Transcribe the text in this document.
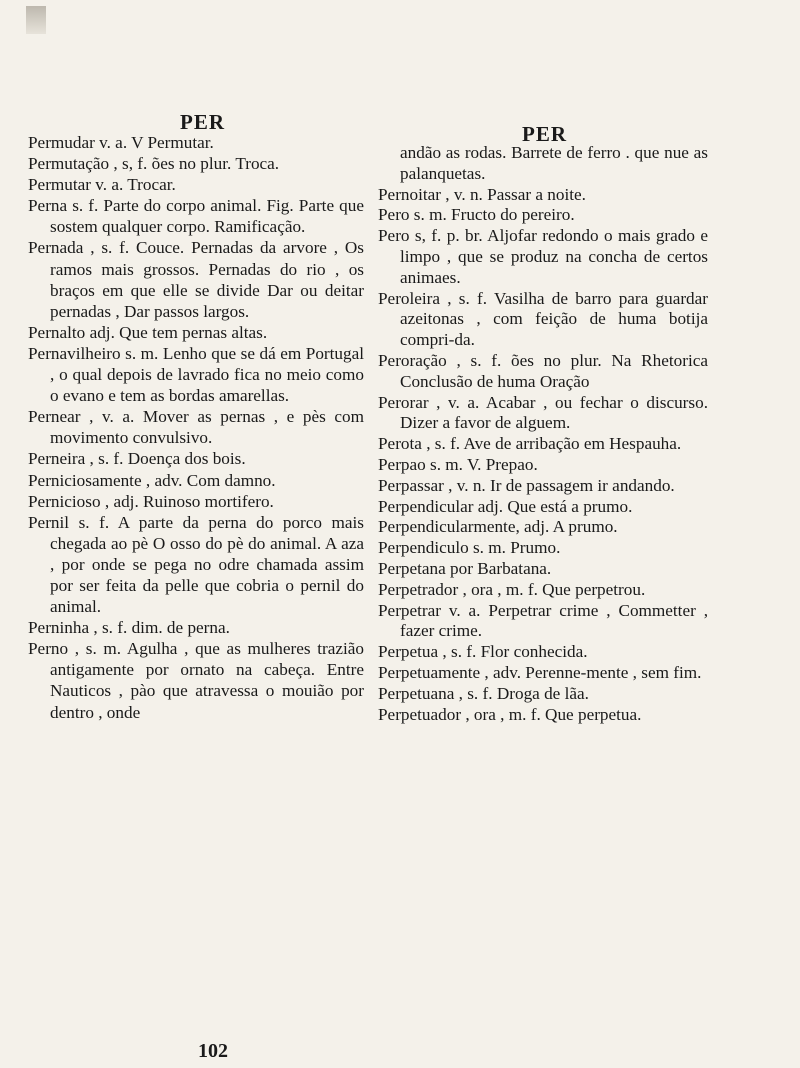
PER	PER

Permudar v. a. V Permutar.

Permutação , s, f. ões no plur. Troca.

Permutar v. a. Trocar.

Perna s. f. Parte do corpo animal. Fig. Parte que sostem qualquer corpo. Ramificação.

Pernada , s. f. Couce. Pernadas da arvore , Os ramos mais grossos. Pernadas do rio , os braços em que elle se divide Dar ou deitar pernadas , Dar passos largos.

Pernalto adj. Que tem pernas altas.

Pernavilheiro s. m. Lenho que se dá em Portugal , o qual depois de lavrado fica no meio como o evano e tem as bordas amarellas.

Pernear , v. a. Mover as pernas , e pès com movimento convulsivo.

Perneira , s. f. Doença dos bois.

Perniciosamente , adv. Com damno.

Pernicioso , adj. Ruinoso mortifero.

Pernil s. f. A parte da perna do porco mais chegada ao pè O osso do pè do animal. A aza , por onde se pega no odre chamada assim por ser feita da pelle que cobria o pernil do animal.

Perninha , s. f. dim. de perna.

Perno , s. m. Agulha , que as mulheres trazião antigamente por ornato na cabeça. Entre Nauticos , pào que atravessa o mouião por dentro , onde

andão as rodas. Barrete de ferro . que nue as palanquetas.

Pernoitar , v. n. Passar a noite.

Pero s. m. Fructo do pereiro.

Pero s, f. p. br. Aljofar redondo o mais grado e limpo , que se produz na concha de certos animaes.

Peroleira , s. f. Vasilha de barro para guardar azeitonas , com feição de huma botija compri-da.

Peroração , s. f. ões no plur. Na Rhetorica Conclusão de huma Oração

Perorar , v. a. Acabar , ou fechar o discurso. Dizer a favor de alguem.

Perota , s. f. Ave de arribação em Hespauha.

Perpao s. m. V. Prepao.

Perpassar , v. n. Ir de passagem ir andando.

Perpendicular adj. Que está a prumo.

Perpendicularmente, adj. A prumo.

Perpendiculo s. m. Prumo.

Perpetana por Barbatana.

Perpetrador , ora , m. f. Que perpetrou.

Perpetrar v. a. Perpetrar crime , Commetter , fazer crime.

Perpetua , s. f. Flor conhecida.

Perpetuamente , adv. Perenne-mente , sem fim.

Perpetuana , s. f. Droga de lãa.

Perpetuador , ora , m. f. Que perpetua.

102
